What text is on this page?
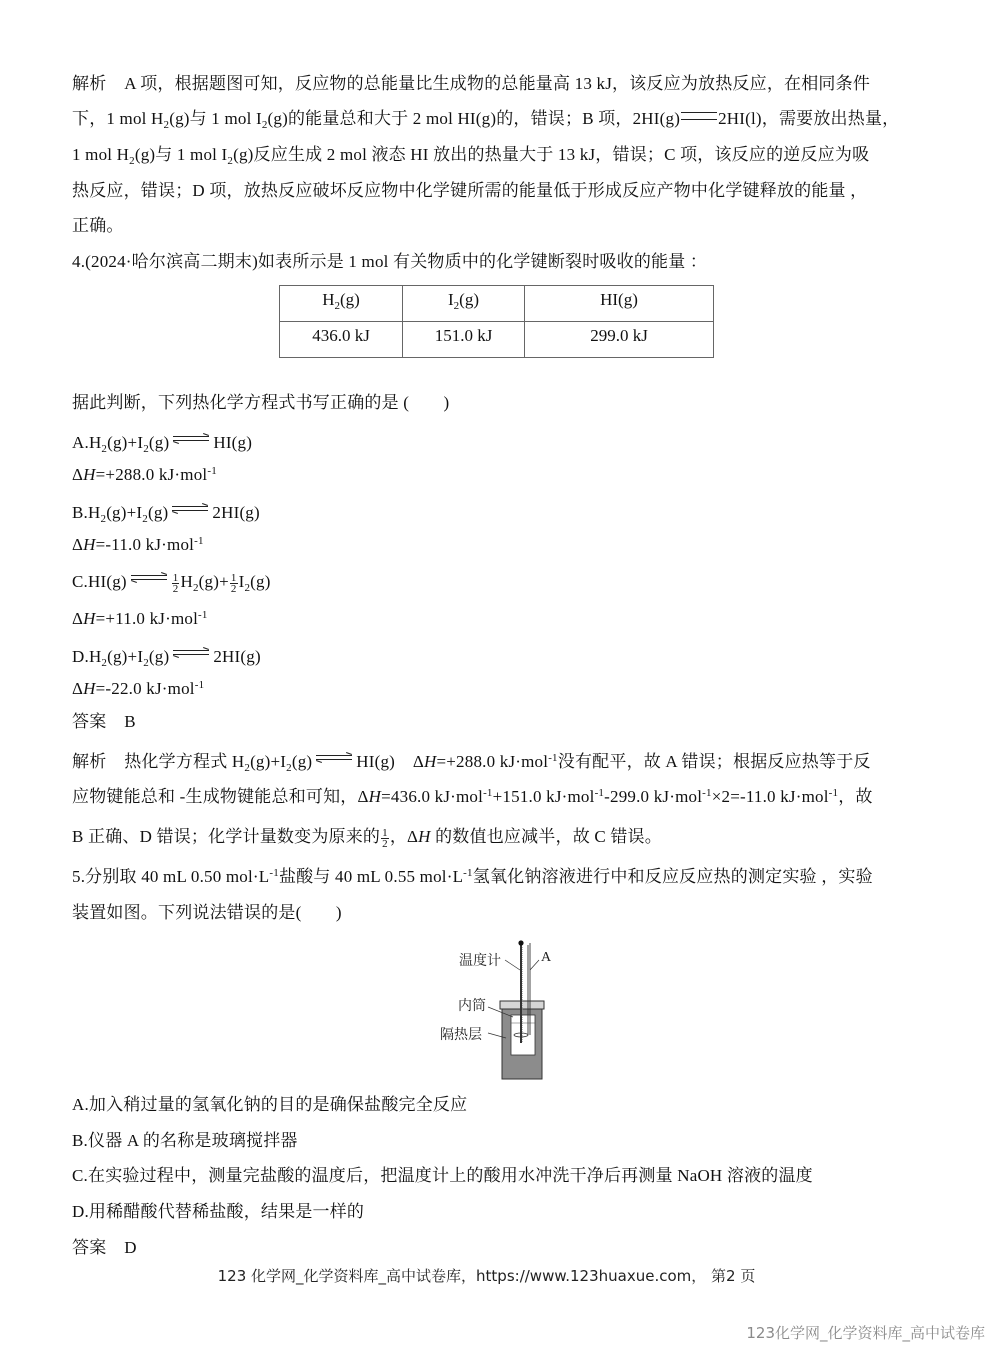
解析 A 项，根据题图可知，反应物的总能量比生成物的总能量高 13 kJ，该反应为放热反应，在相同条件
下，1 mol $H_2(g)$与 1 mol $I_2(g)$的能量总和大于 2 mol HI(g)的，错误；B 项，2HI(g) 2HI(l)，需要放出热量，
1 mol $H_2(g)$与 1 mol $I_2(g)$反应生成 2 mol 液态 HI 放出的热量大于 13 kJ，错误；C 项，该反应的逆反应为吸
热反应，错误；D 项，放热反应破坏反应物中化学键所需的能量低于形成反应产物中化学键释放的能量 ，
正确。
4.(2024·哈尔滨高二期末)如表所示是 1 mol 有关物质中的化学键断裂时吸收的能量 ：
$H_2(g)$	$I_2(g)$	HI(g)
436.0 kJ	151.0 kJ	299.0 kJ
据此判断，下列热化学方程式书写正确的是 (　　)
$A.H_2(g)+I_2(g)$	HI(g)
ΔH=+288.0 kJ·mol$^{-1}$
$B.H_2(g)+I_2(g)$	2HI(g)
ΔH=-11.0 kJ·mol$^{-1}$
C.HI(g)	$\frac{1}{2} H_2(g)+ \frac{1}{2} I_2(g)$
ΔH=+11.0 kJ·mol$^{-1}$
$D.H_2(g)+I_2(g)$	2HI(g)
ΔH=-22.0 kJ·mol$^{-1}$
答案 B
解析 热化学方程式 $H_2(g)+I_2(g)$	HI(g) ΔH=+288.0 kJ·mol$^{-1}$没有配平，故 A 错误；根据反应热等于反
应物键能总和 -生成物键能总和可知，ΔH=436.0 kJ·mol$^{-1}$+151.0 kJ·mol$^{-1}$-299.0 kJ·mol$^{-1}$×2=-11.0 kJ·mol$^{-1}$，故
B 正确、D 错误；化学计量数变为原来的 $\frac{1}{2}$ ，ΔH 的数值也应减半，故 C 错误。
5.分别取 40 mL 0.50 $mol\cdot L^{-1}$盐酸与 40 mL 0.55 $mol\cdot L^{-1}$氢氧化钠溶液进行中和反应反应热的测定实验 ，实验
装置如图。下列说法错误的是(　　)
温度计	A
内筒
隔热层
A.加入稍过量的氢氧化钠的目的是确保盐酸完全反应
B.仪器 A 的名称是玻璃搅拌器
C.在实验过程中，测量完盐酸的温度后，把温度计上的酸用水冲洗干净后再测量 NaOH 溶液的温度
D.用稀醋酸代替稀盐酸，结果是一样的
答案 D
123 化学网_化学资料库_高中试卷库，https://www.123huaxue.com， 第2 页
123化学网_化学资料库_高中试卷库
